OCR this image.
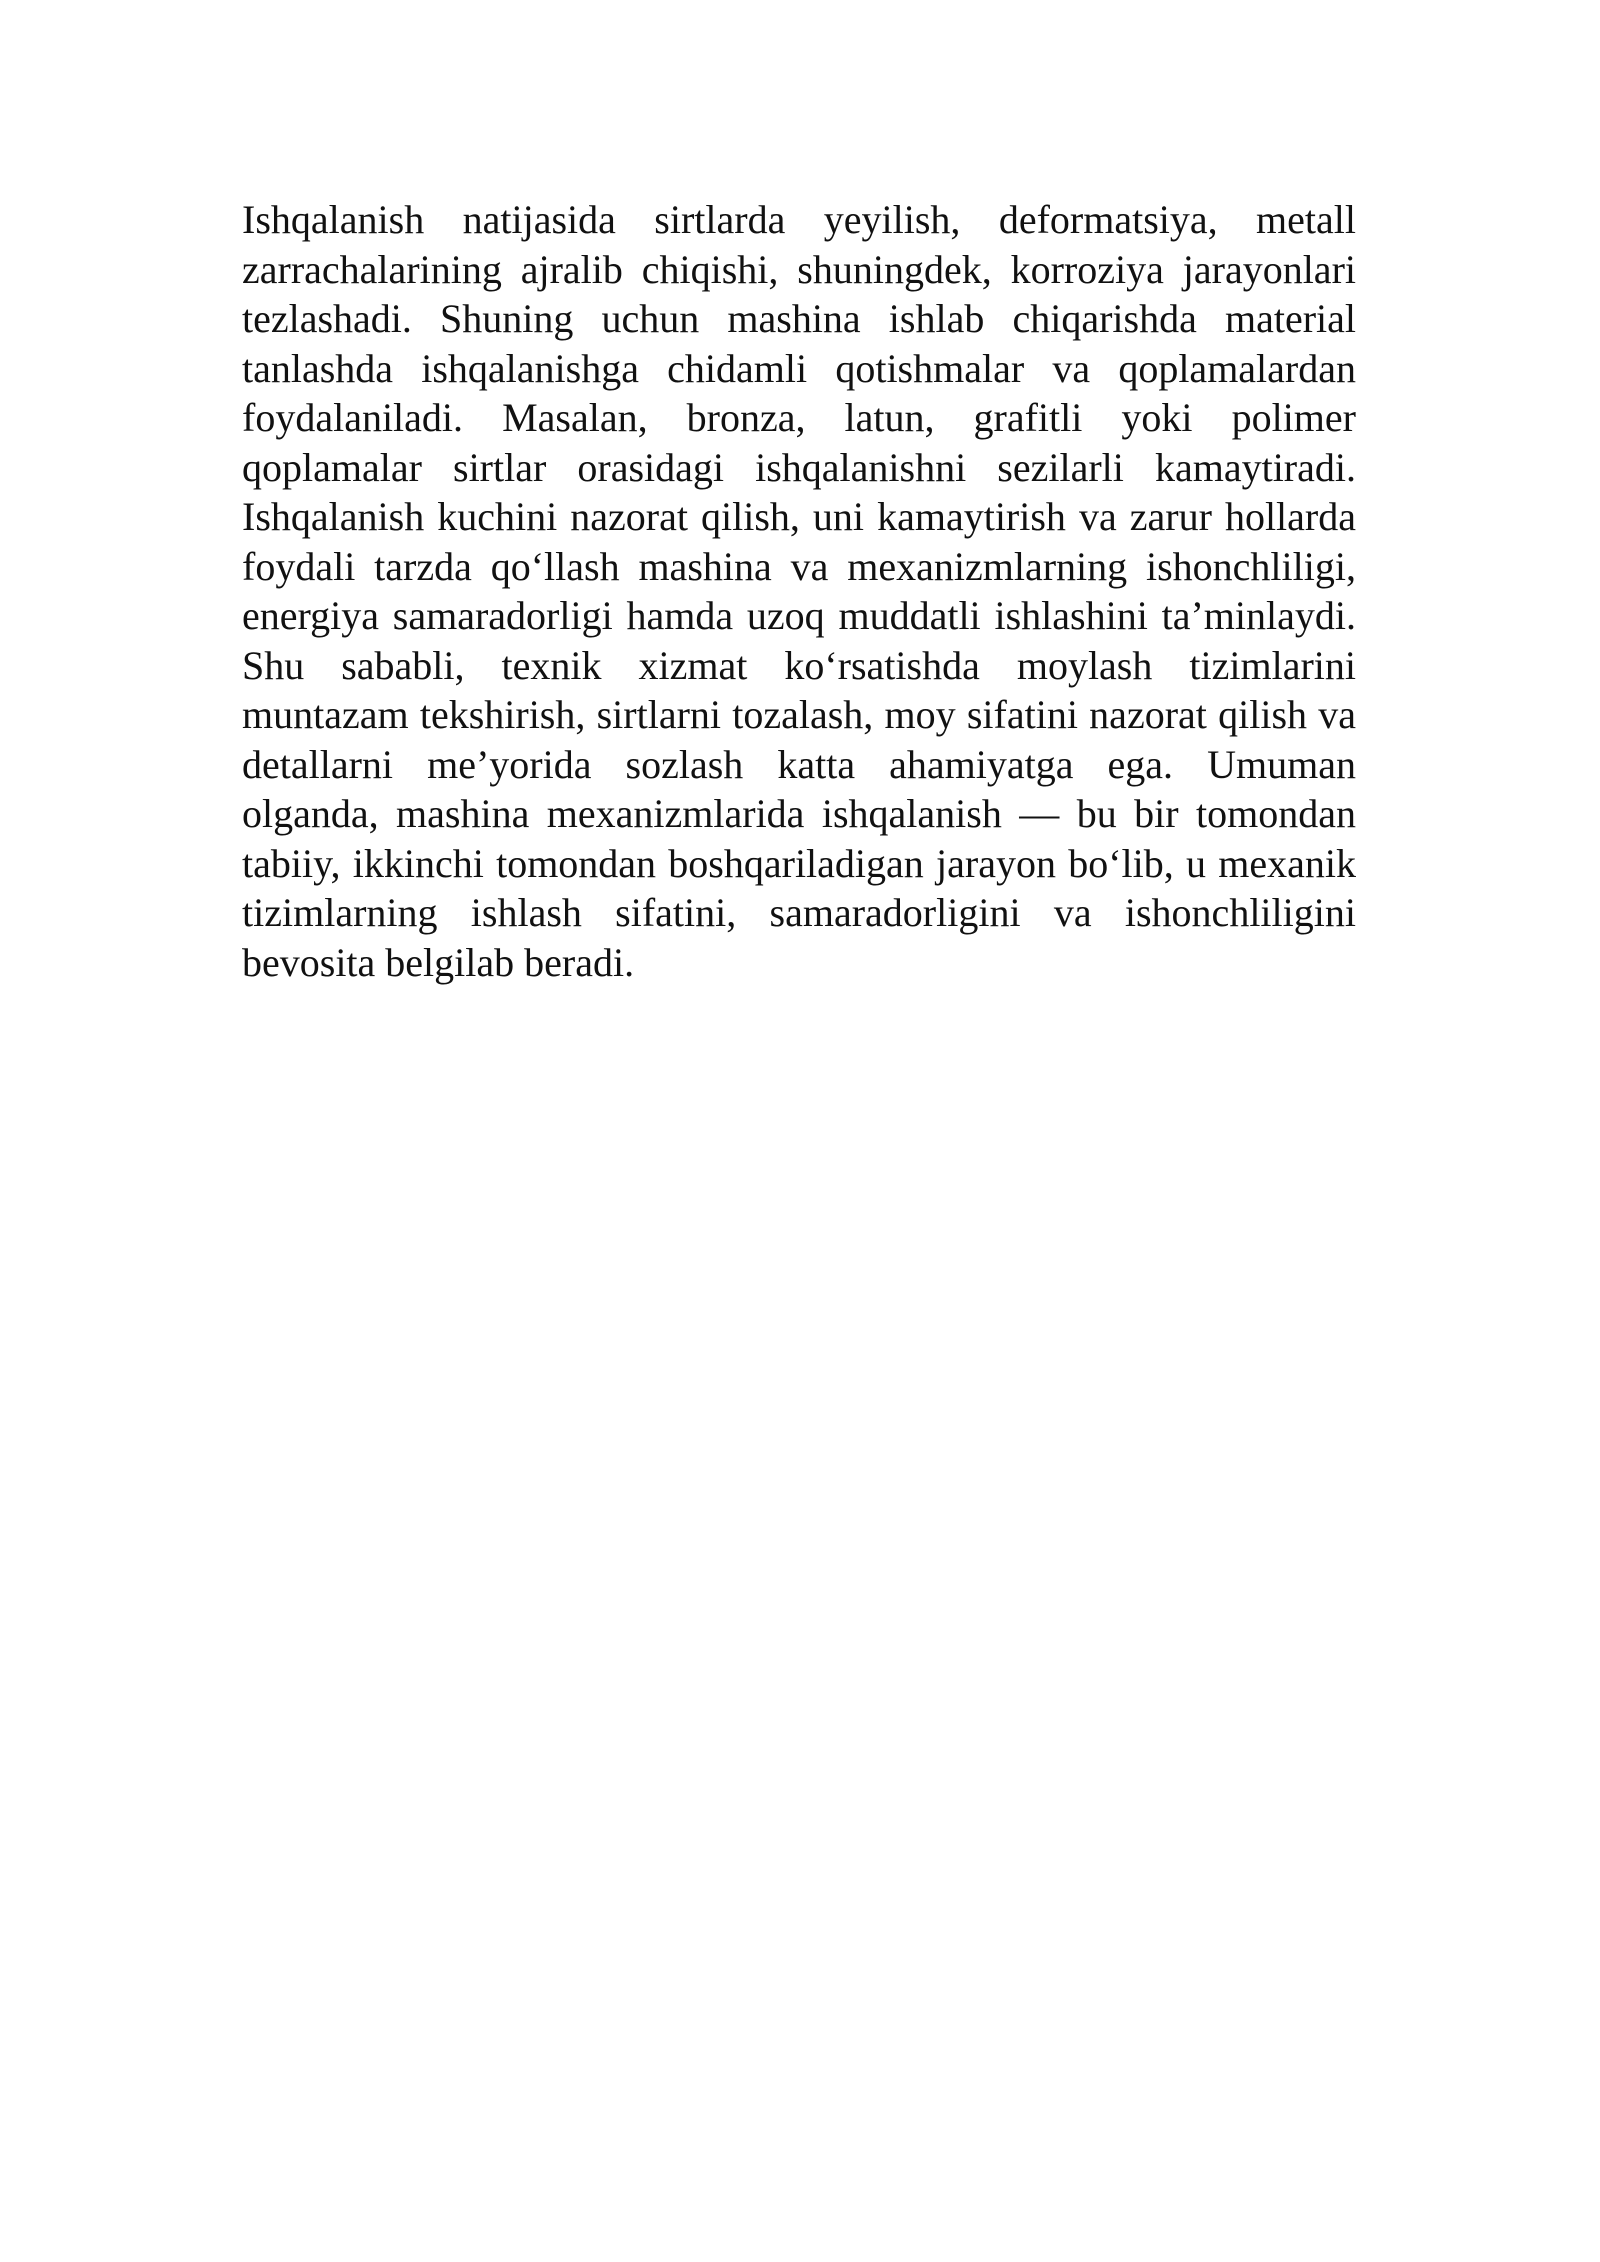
Ishqalanish natijasida sirtlarda yeyilish, deformatsiya, metall zarrachalarining ajralib chiqishi, shuningdek, korroziya jarayonlari tezlashadi. Shuning uchun mashina ishlab chiqarishda material tanlashda ishqalanishga chidamli qotishmalar va qoplamalardan foydalaniladi. Masalan, bronza, latun, grafitli yoki polimer qoplamalar sirtlar orasidagi ishqalanishni sezilarli kamaytiradi. Ishqalanish kuchini nazorat qilish, uni kamaytirish va zarur hollarda foydali tarzda qo‘llash mashina va mexanizmlarning ishonchliligi, energiya samaradorligi hamda uzoq muddatli ishlashini ta’minlaydi. Shu sababli, texnik xizmat ko‘rsatishda moylash tizimlarini muntazam tekshirish, sirtlarni tozalash, moy sifatini nazorat qilish va detallarni me’yorida sozlash katta ahamiyatga ega. Umuman olganda, mashina mexanizmlarida ishqalanish — bu bir tomondan tabiiy, ikkinchi tomondan boshqariladigan jarayon bo‘lib, u mexanik tizimlarning ishlash sifatini, samaradorligini va ishonchliligini bevosita belgilab beradi.
